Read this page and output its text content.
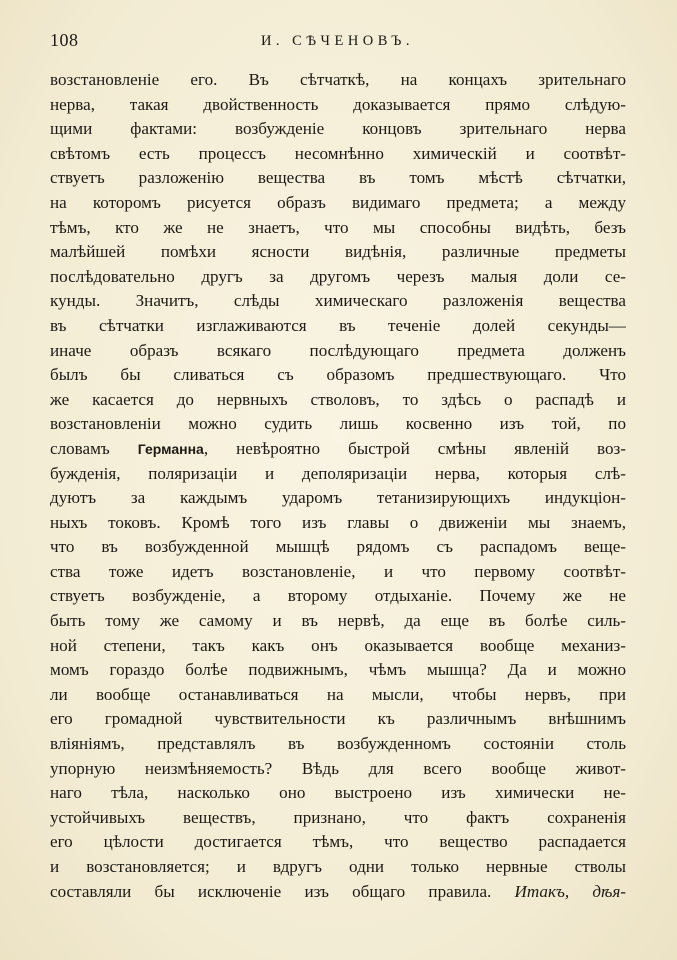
108	И. СѢЧЕНОВЪ.
возстановленіе его. Въ сѣтчаткѣ, на концахъ зрительнаго
нерва, такая двойственность доказывается прямо слѣдую-
щими фактами: возбужденіе концовъ зрительнаго нерва
свѣтомъ есть процессъ несомнѣнно химическій и соотвѣт-
ствуетъ разложенію вещества въ томъ мѣстѣ сѣтчатки,
на которомъ рисуется образъ видимаго предмета; а между
тѣмъ, кто же не знаетъ, что мы способны видѣть, безъ
малѣйшей помѣхи ясности видѣнія, различные предметы
послѣдовательно другъ за другомъ черезъ малыя доли се-
кунды. Значитъ, слѣды химическаго разложенія вещества
въ сѣтчатки изглаживаются въ теченіе долей секунды—
иначе образъ всякаго послѣдующаго предмета долженъ
былъ бы сливаться съ образомъ предшествующаго. Что
же касается до нервныхъ стволовъ, то здѣсь о распадѣ и
возстановленіи можно судить лишь косвенно изъ той, по
словамъ Германна, невѣроятно быстрой смѣны явленій воз-
бужденія, поляризаціи и деполяризаціи нерва, которыя слѣ-
дуютъ за каждымъ ударомъ тетанизирующихъ индукціон-
ныхъ токовъ. Кромѣ того изъ главы о движеніи мы знаемъ,
что въ возбужденной мышцѣ рядомъ съ распадомъ веще-
ства тоже идетъ возстановленіе, и что первому соотвѣт-
ствуетъ возбужденіе, а второму отдыханіе. Почему же не
быть тому же самому и въ нервѣ, да еще въ болѣе силь-
ной степени, такъ какъ онъ оказывается вообще механиз-
момъ гораздо болѣе подвижнымъ, чѣмъ мышца? Да и можно
ли вообще останавливаться на мысли, чтобы нервъ, при
его громадной чувствительности къ различнымъ внѣшнимъ
вліяніямъ, представлялъ въ возбужденномъ состояніи столь
упорную неизмѣняемость? Вѣдь для всего вообще живот-
наго тѣла, насколько оно выстроено изъ химически не-
устойчивыхъ веществъ, признано, что фактъ сохраненія
его цѣлости достигается тѣмъ, что вещество распадается
и возстановляется; и вдругъ одни только нервные стволы
составляли бы исключеніе изъ общаго правила. Итакъ, дѣя-
